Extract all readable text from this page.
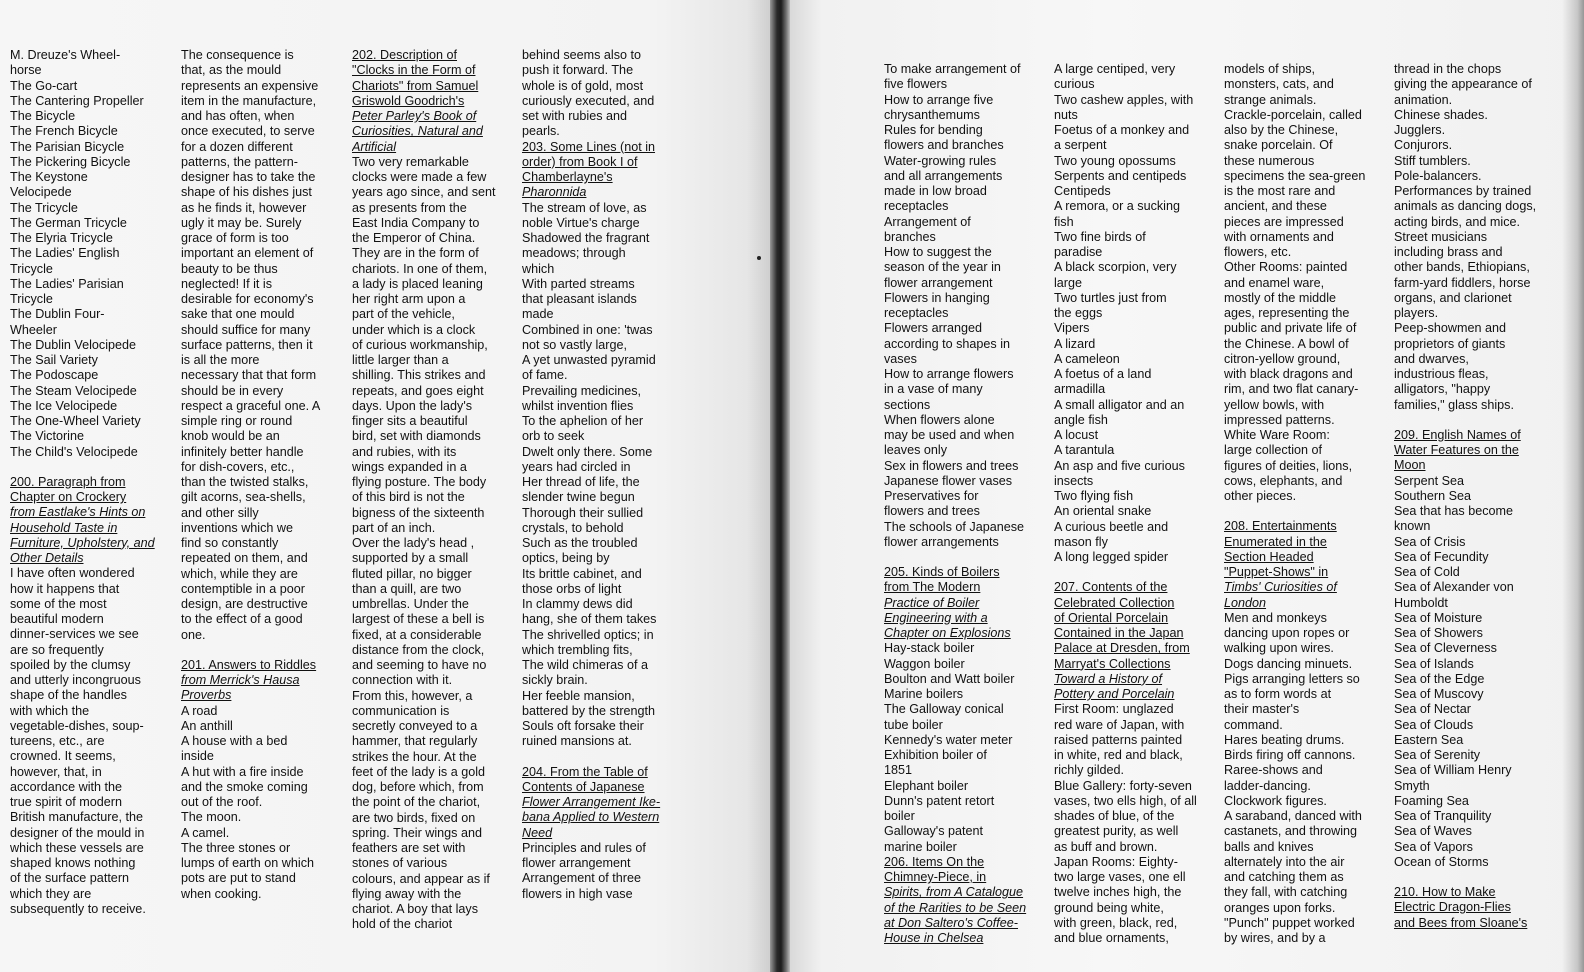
M. Dreuze's Wheel-
horse
The Go-cart
The Cantering Propeller
The Bicycle
The French Bicycle
The Parisian Bicycle
The Pickering Bicycle
The Keystone
Velocipede
The Tricycle
The German Tricycle
The Elyria Tricycle
The Ladies' English
Tricycle
The Ladies' Parisian
Tricycle
The Dublin Four-
Wheeler
The Dublin Velocipede
The Sail Variety
The Podoscape
The Steam Velocipede
The Ice Velocipede
The One-Wheel Variety
The Victorine
The Child's Velocipede
200. Paragraph from
Chapter on Crockery
from Eastlake's Hints on
Household Taste in
Furniture, Upholstery, and
Other Details
I have often wondered
how it happens that
some of the most
beautiful modern
dinner-services we see
are so frequently
spoiled by the clumsy
and utterly incongruous
shape of the handles
with which the
vegetable-dishes, soup-
tureens, etc., are
crowned. It seems,
however, that, in
accordance with the
true spirit of modern
British manufacture, the
designer of the mould in
which these vessels are
shaped knows nothing
of the surface pattern
which they are
subsequently to receive.
The consequence is
that, as the mould
represents an expensive
item in the manufacture,
and has often, when
once executed, to serve
for a dozen different
patterns, the pattern-
designer has to take the
shape of his dishes just
as he finds it, however
ugly it may be. Surely
grace of form is too
important an element of
beauty to be thus
neglected! If it is
desirable for economy's
sake that one mould
should suffice for many
surface patterns, then it
is all the more
necessary that that form
should be in every
respect a graceful one. A
simple ring or round
knob would be an
infinitely better handle
for dish-covers, etc.,
than the twisted stalks,
gilt acorns, sea-shells,
and other silly
inventions which we
find so constantly
repeated on them, and
which, while they are
contemptible in a poor
design, are destructive
to the effect of a good
one.
201. Answers to Riddles
from Merrick's Hausa
Proverbs
A road
An anthill
A house with a bed
inside
A hut with a fire inside
and the smoke coming
out of the roof.
The moon.
A camel.
The three stones or
lumps of earth on which
pots are put to stand
when cooking.
202. Description of
"Clocks in the Form of
Chariots" from Samuel
Griswold Goodrich's
Peter Parley's Book of
Curiosities, Natural and
Artificial
Two very remarkable
clocks were made a few
years ago since, and sent
as presents from the
East India Company to
the Emperor of China.
They are in the form of
chariots. In one of them,
a lady is placed leaning
her right arm upon a
part of the vehicle,
under which is a clock
of curious workmanship,
little larger than a
shilling. This strikes and
repeats, and goes eight
days. Upon the lady's
finger sits a beautiful
bird, set with diamonds
and rubies, with its
wings expanded in a
flying posture. The body
of this bird is not the
bigness of the sixteenth
part of an inch.
Over the lady's head ,
supported by a small
fluted pillar, no bigger
than a quill, are two
umbrellas. Under the
largest of these a bell is
fixed, at a considerable
distance from the clock,
and seeming to have no
connection with it.
From this, however, a
communication is
secretly conveyed to a
hammer, that regularly
strikes the hour. At the
feet of the lady is a gold
dog, before which, from
the point of the chariot,
are two birds, fixed on
spring. Their wings and
feathers are set with
stones of various
colours, and appear as if
flying away with the
chariot. A boy that lays
hold of the chariot
behind seems also to
push it forward. The
whole is of gold, most
curiously executed, and
set with rubies and
pearls.
203. Some Lines (not in
order) from Book I of
Chamberlayne's
Pharonnida
The stream of love, as
noble Virtue's charge
Shadowed the fragrant
meadows; through
which
With parted streams
that pleasant islands
made
Combined in one: 'twas
not so vastly large,
A yet unwasted pyramid
of fame.
Prevailing medicines,
whilst invention flies
To the aphelion of her
orb to seek
Dwelt only there. Some
years had circled in
Her thread of life, the
slender twine begun
Thorough their sullied
crystals, to behold
Such as the troubled
optics, being by
Its brittle cabinet, and
those orbs of light
In clammy dews did
hang, she of them takes
The shrivelled optics; in
which trembling fits,
The wild chimeras of a
sickly brain.
Her feeble mansion,
battered by the strength
Souls oft forsake their
ruined mansions at.
204. From the Table of
Contents of Japanese
Flower Arrangement Ike-
bana Applied to Western
Need
Principles and rules of
flower arrangement
Arrangement of three
flowers in high vase
To make arrangement of
five flowers
How to arrange five
chrysanthemums
Rules for bending
flowers and branches
Water-growing rules
and all arrangements
made in low broad
receptacles
Arrangement of
branches
How to suggest the
season of the year in
flower arrangement
Flowers in hanging
receptacles
Flowers arranged
according to shapes in
vases
How to arrange flowers
in a vase of many
sections
When flowers alone
may be used and when
leaves only
Sex in flowers and trees
Japanese flower vases
Preservatives for
flowers and trees
The schools of Japanese
flower arrangements
205. Kinds of Boilers
from The Modern
Practice of Boiler
Engineering with a
Chapter on Explosions
Hay-stack boiler
Waggon boiler
Boulton and Watt boiler
Marine boilers
The Galloway conical
tube boiler
Kennedy's water meter
Exhibition boiler of
1851
Elephant boiler
Dunn's patent retort
boiler
Galloway's patent
marine boiler
206. Items On the
Chimney-Piece, in
Spirits, from A Catalogue
of the Rarities to be Seen
at Don Saltero's Coffee-
House in Chelsea
A large centiped, very
curious
Two cashew apples, with
nuts
Foetus of a monkey and
a serpent
Two young opossums
Serpents and centipeds
Centipeds
A remora, or a sucking
fish
Two fine birds of
paradise
A black scorpion, very
large
Two turtles just from
the eggs
Vipers
A lizard
A cameleon
A foetus of a land
armadilla
A small alligator and an
angle fish
A locust
A tarantula
An asp and five curious
insects
Two flying fish
An oriental snake
A curious beetle and
mason fly
A long legged spider
207. Contents of the
Celebrated Collection
of Oriental Porcelain
Contained in the Japan
Palace at Dresden, from
Marryat's Collections
Toward a History of
Pottery and Porcelain
First Room: unglazed
red ware of Japan, with
raised patterns painted
in white, red and black,
richly gilded.
Blue Gallery: forty-seven
vases, two ells high, of all
shades of blue, of the
greatest purity, as well
as buff and brown.
Japan Rooms: Eighty-
two large vases, one ell
twelve inches high, the
ground being white,
with green, black, red,
and blue ornaments,
models of ships,
monsters, cats, and
strange animals.
Crackle-porcelain, called
also by the Chinese,
snake porcelain. Of
these numerous
specimens the sea-green
is the most rare and
ancient, and these
pieces are impressed
with ornaments and
flowers, etc.
Other Rooms: painted
and enamel ware,
mostly of the middle
ages, representing the
public and private life of
the Chinese. A bowl of
citron-yellow ground,
with black dragons and
rim, and two flat canary-
yellow bowls, with
impressed patterns.
White Ware Room:
large collection of
figures of deities, lions,
cows, elephants, and
other pieces.
208. Entertainments
Enumerated in the
Section Headed
"Puppet-Shows" in
Timbs' Curiosities of
London
Men and monkeys
dancing upon ropes or
walking upon wires.
Dogs dancing minuets.
Pigs arranging letters so
as to form words at
their master's
command.
Hares beating drums.
Birds firing off cannons.
Raree-shows and
ladder-dancing.
Clockwork figures.
A saraband, danced with
castanets, and throwing
balls and knives
alternately into the air
and catching them as
they fall, with catching
oranges upon forks.
"Punch" puppet worked
by wires, and by a
thread in the chops
giving the appearance of
animation.
Chinese shades.
Jugglers.
Conjurors.
Stiff tumblers.
Pole-balancers.
Performances by trained
animals as dancing dogs,
acting birds, and mice.
Street musicians
including brass and
other bands, Ethiopians,
farm-yard fiddlers, horse
organs, and clarionet
players.
Peep-showmen and
proprietors of giants
and dwarves,
industrious fleas,
alligators, "happy
families," glass ships.
209. English Names of
Water Features on the
Moon
Serpent Sea
Southern Sea
Sea that has become
known
Sea of Crisis
Sea of Fecundity
Sea of Cold
Sea of Alexander von
Humboldt
Sea of Moisture
Sea of Showers
Sea of Cleverness
Sea of Islands
Sea of the Edge
Sea of Muscovy
Sea of Nectar
Sea of Clouds
Eastern Sea
Sea of Serenity
Sea of William Henry
Smyth
Foaming Sea
Sea of Tranquility
Sea of Waves
Sea of Vapors
Ocean of Storms
210. How to Make
Electric Dragon-Flies
and Bees from Sloane's
